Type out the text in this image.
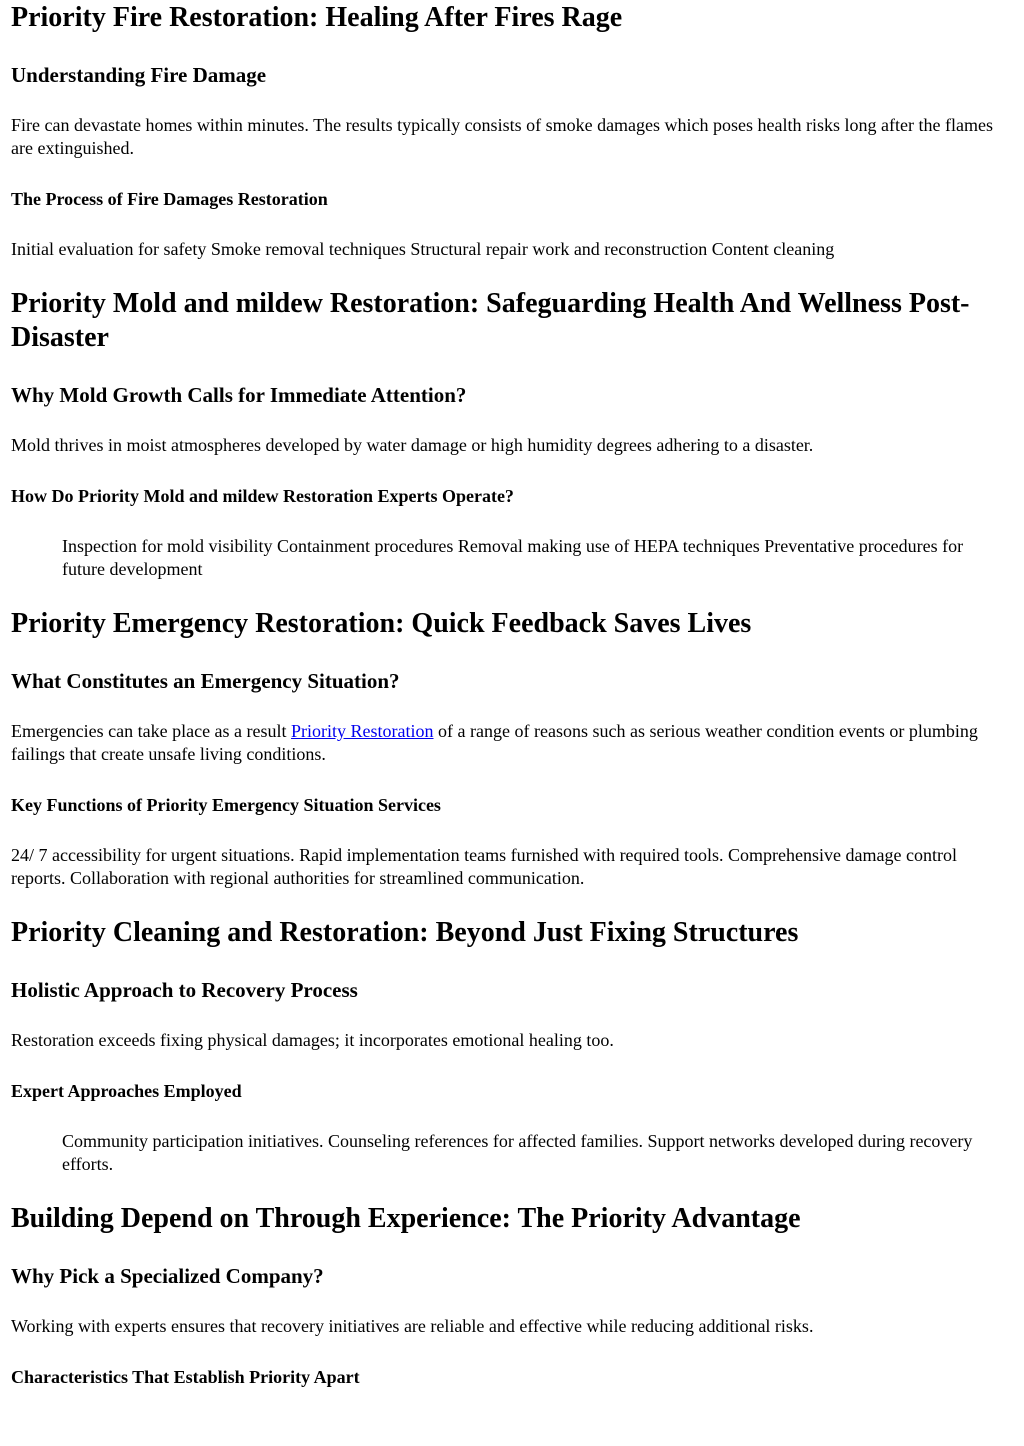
Priority Fire Restoration: Healing After Fires Rage
Understanding Fire Damage

Fire can devastate homes within minutes. The results typically consists of smoke damages which poses health risks long after the flames are extinguished.

The Process of Fire Damages Restoration

Initial evaluation for safety Smoke removal techniques Structural repair work and reconstruction Content cleaning

Priority Mold and mildew Restoration: Safeguarding Health And Wellness Post-Disaster
Why Mold Growth Calls for Immediate Attention?

Mold thrives in moist atmospheres developed by water damage or high humidity degrees adhering to a disaster.

How Do Priority Mold and mildew Restoration Experts Operate?
Inspection for mold visibility Containment procedures Removal making use of HEPA techniques Preventative procedures for future development
Priority Emergency Restoration: Quick Feedback Saves Lives
What Constitutes an Emergency Situation?

Emergencies can take place as a result Priority Restoration of a range of reasons such as serious weather condition events or plumbing failings that create unsafe living conditions.

Key Functions of Priority Emergency Situation Services

24/ 7 accessibility for urgent situations. Rapid implementation teams furnished with required tools. Comprehensive damage control reports. Collaboration with regional authorities for streamlined communication.

Priority Cleaning and Restoration: Beyond Just Fixing Structures
Holistic Approach to Recovery Process

Restoration exceeds fixing physical damages; it incorporates emotional healing too.

Expert Approaches Employed
Community participation initiatives. Counseling references for affected families. Support networks developed during recovery efforts.
Building Depend on Through Experience: The Priority Advantage
Why Pick a Specialized Company?

Working with experts ensures that recovery initiatives are reliable and effective while reducing additional risks.

Characteristics That Establish Priority Apart
